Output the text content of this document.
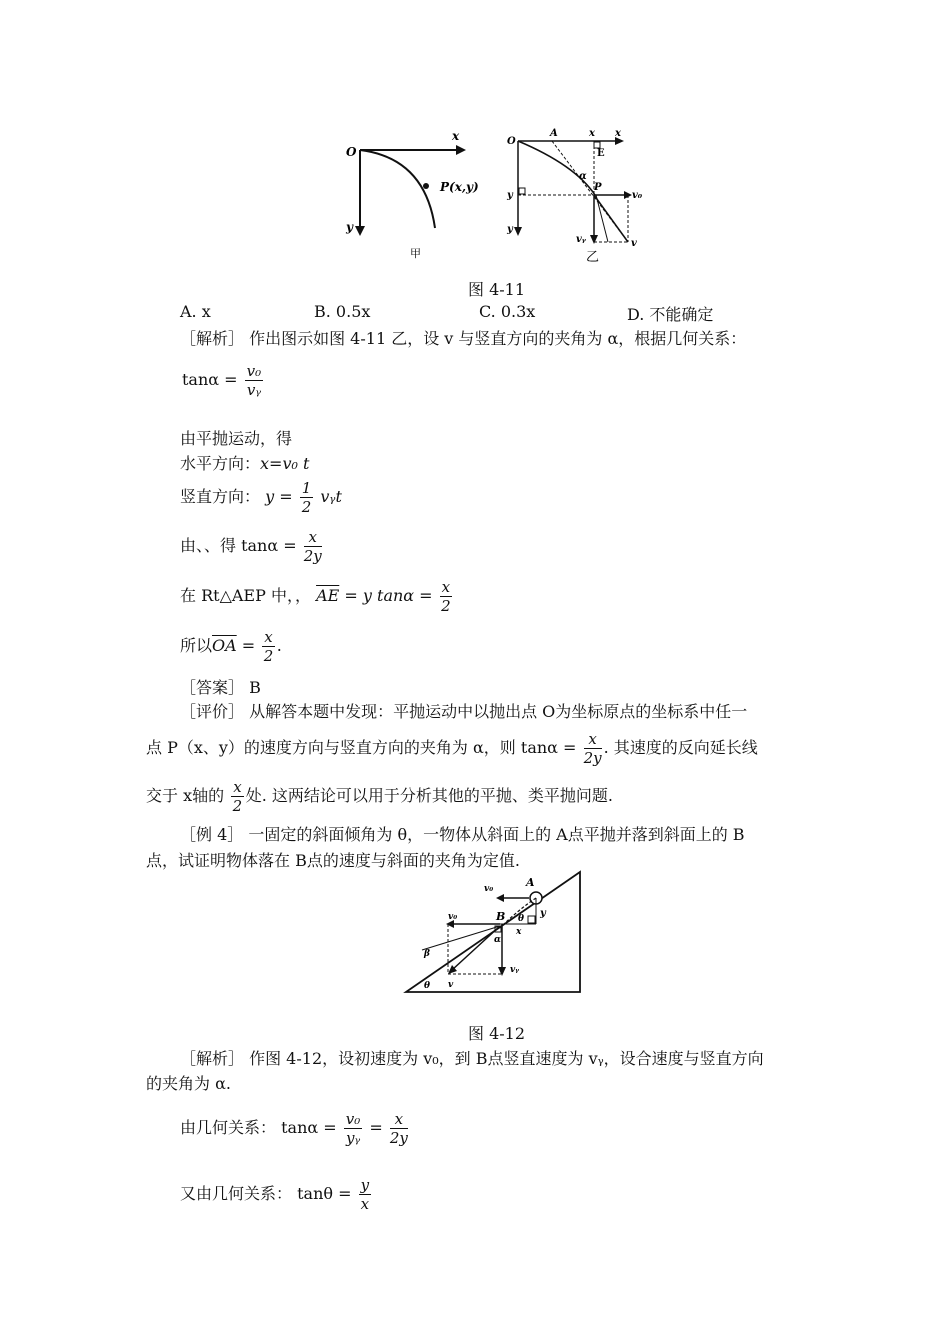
O
x
y
P(x,y)
甲
O
A	x x
E
α
P
y
y
v₀
vᵧ	v
乙
图 4-11
A. x	B. 0.5x	C. 0.3x	D. 不能确定
［解析］ 作出图示如图 4-11 乙，设 v 与竖直方向的夹角为 α，根据几何关系：
$\tan\alpha = \frac{\text{v₀}}{\text{vᵧ}}$
由平抛运动，得
水平方向：x=v₀ t
竖直方向： $y = \frac{1}{2}$ vᵧt
由、、得 $\tan\alpha = \frac{x}{2y}$
在 Rt△AEP 中，， $\overline{AE} = y$ $\tan\alpha = \frac{x}{2}$
所以$\overline{OA} = \frac{x}{2}$ .
［答案］ B
［评价］ 从解答本题中发现：平抛运动中以抛出点 O为坐标原点的坐标系中任一
点 P（x、y）的速度方向与竖直方向的夹角为 α，则 $\tan\alpha = \frac{x}{2y}$ . 其速度的反向延长线
交于 x轴的 $\frac{x}{2}$ 处. 这两结论可以用于分析其他的平抛、类平抛问题.
［例 4］ 一固定的斜面倾角为 θ，一物体从斜面上的 A点平抛并落到斜面上的 B
点，试证明物体落在 B点的速度与斜面的夹角为定值.
v₀	A
v₀	B θ y
x
β
α
v
vᵧ
θ
图 4-12
［解析］ 作图 4-12，设初速度为 v₀，到 B点竖直速度为 vᵧ，设合速度与竖直方向
的夹角为 α.
由几何关系： $\tan\alpha = \frac{\text{v₀}}{\text{yᵧ}} = \frac{x}{2y}$
又由几何关系： $\tan\theta = \frac{y}{x}$
